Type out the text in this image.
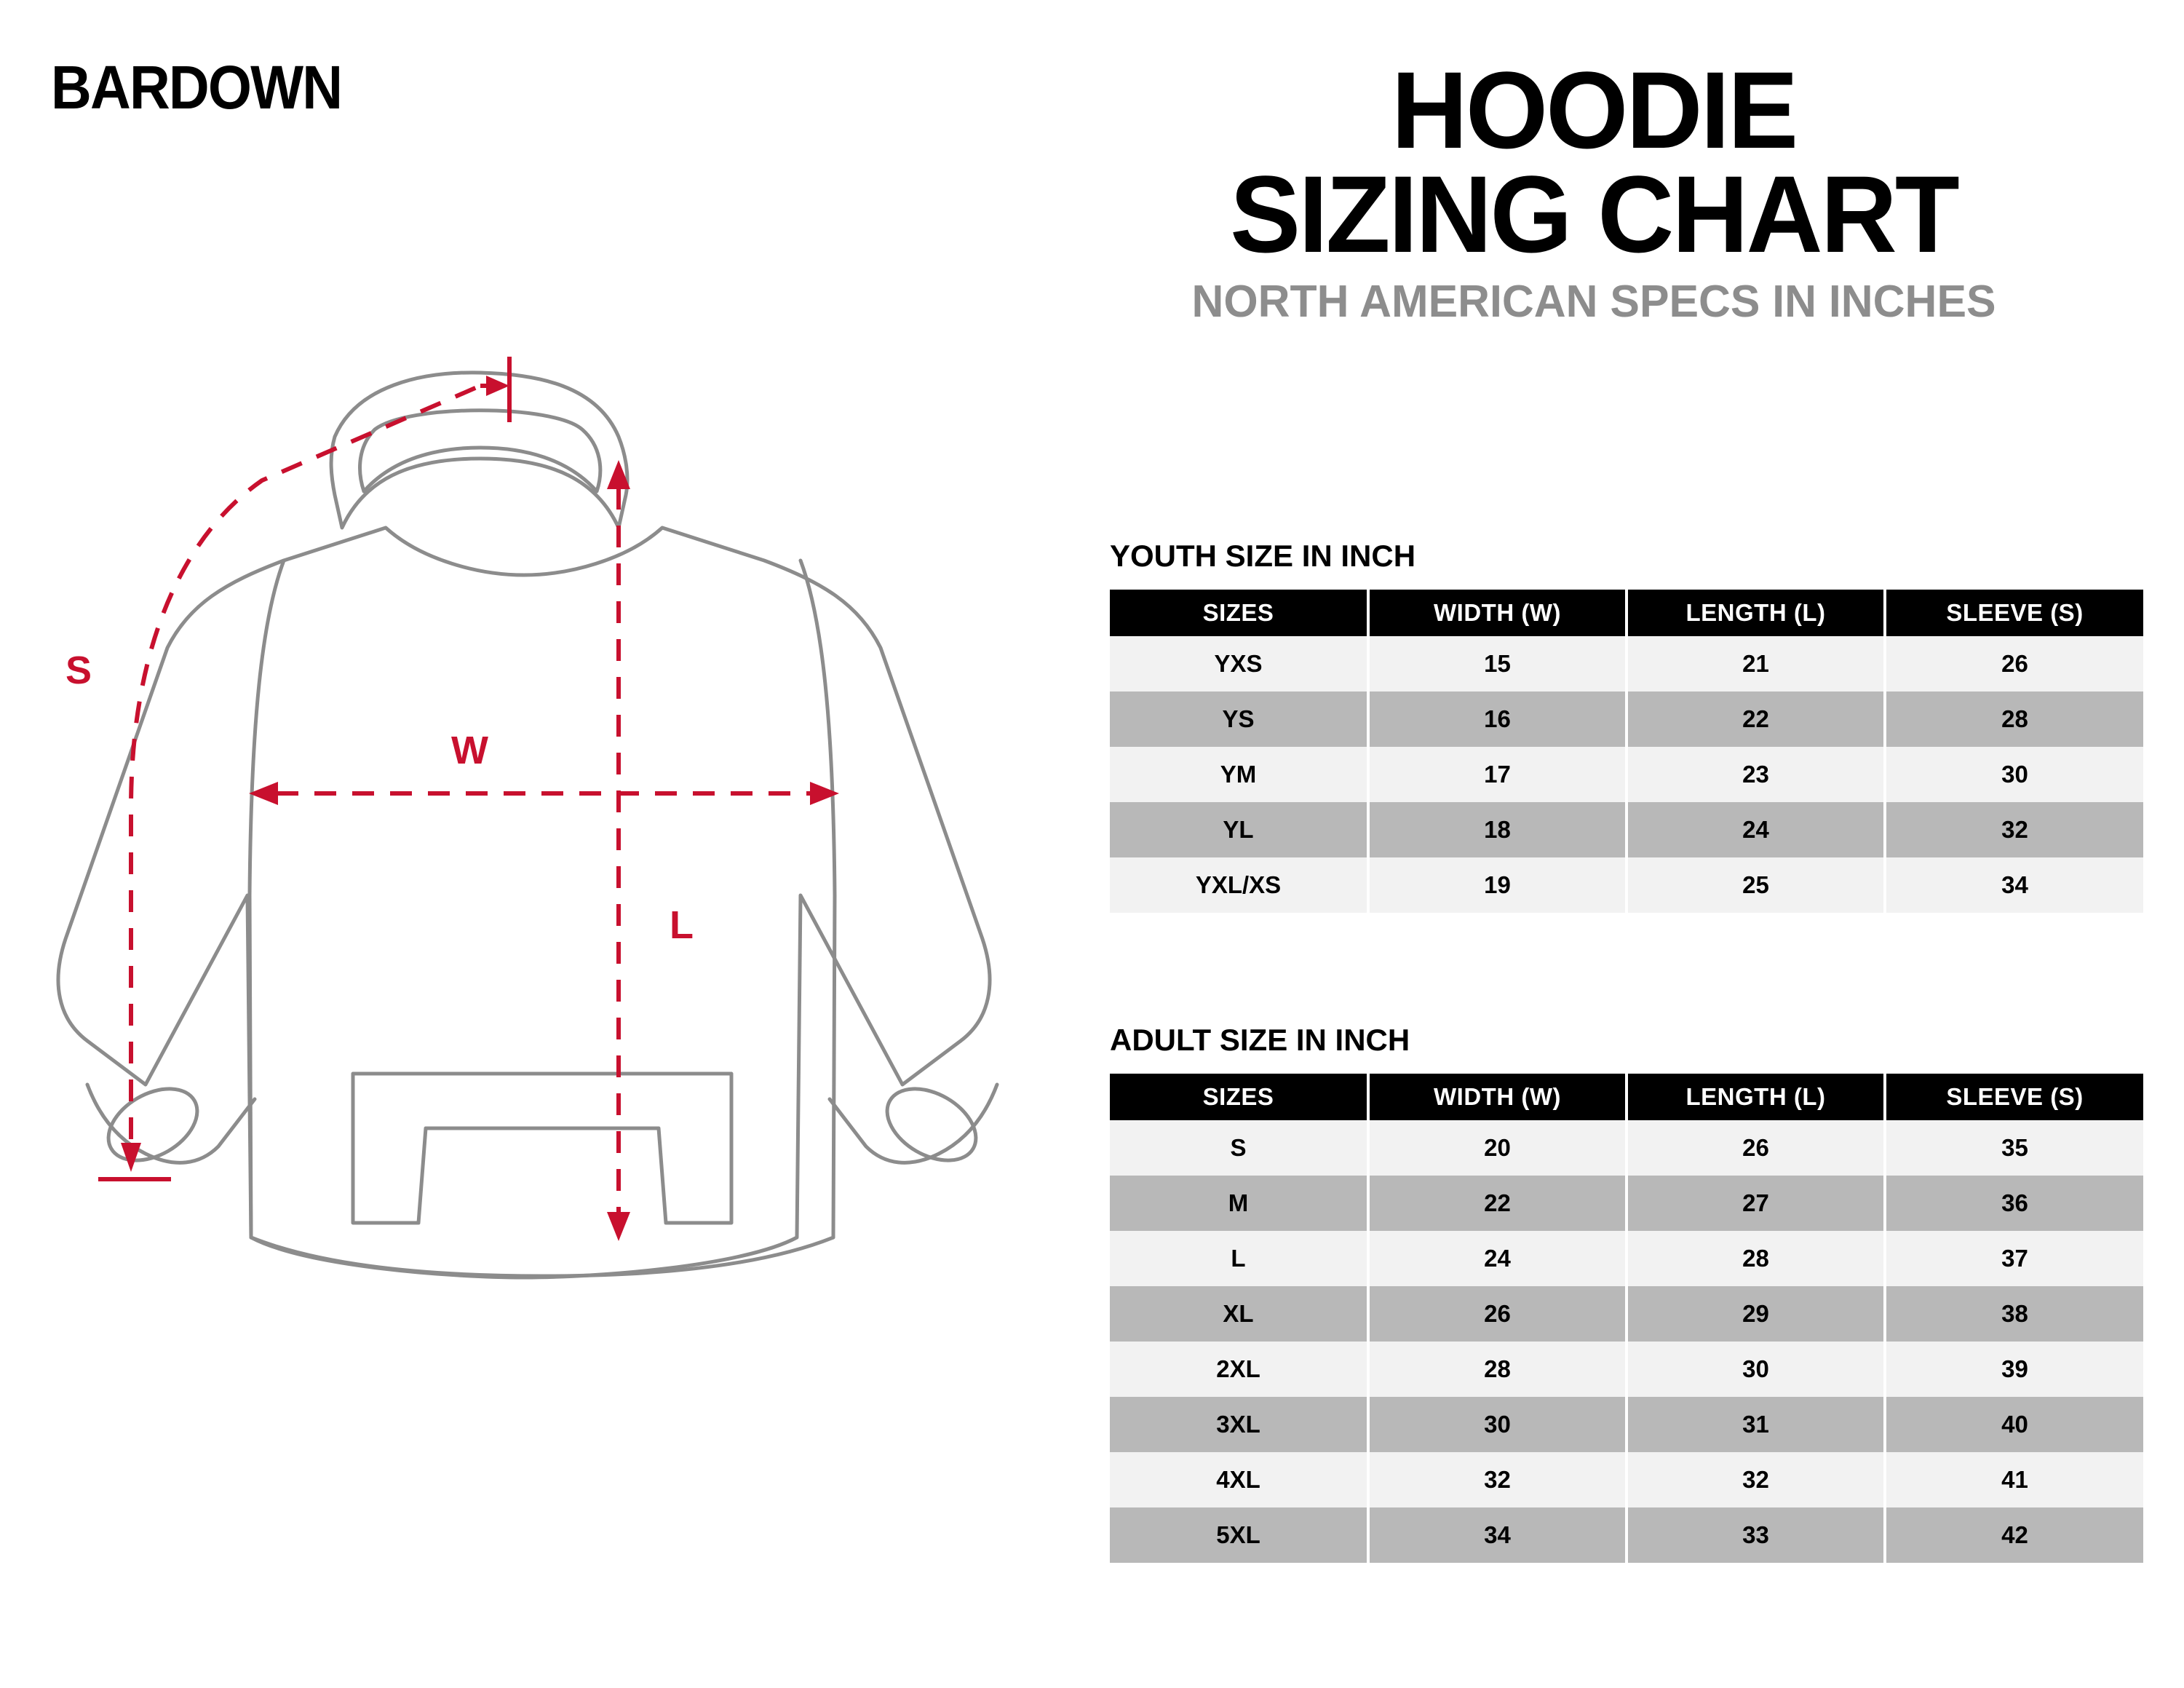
BARDOWN	HOODIE
SIZING CHART
NORTH AMERICAN SPECS IN INCHES
S
W
L
YOUTH SIZE IN INCH
SIZES	WIDTH (W)	LENGTH (L)	SLEEVE (S)
YXS	15	21	26
YS	16	22	28
YM	17	23	30
YL	18	24	32
YXL/XS	19	25	34
ADULT SIZE IN INCH
SIZES	WIDTH (W)	LENGTH (L)	SLEEVE (S)
S	20	26	35
M	22	27	36
L	24	28	37
XL	26	29	38
2XL	28	30	39
3XL	30	31	40
4XL	32	32	41
5XL	34	33	42
